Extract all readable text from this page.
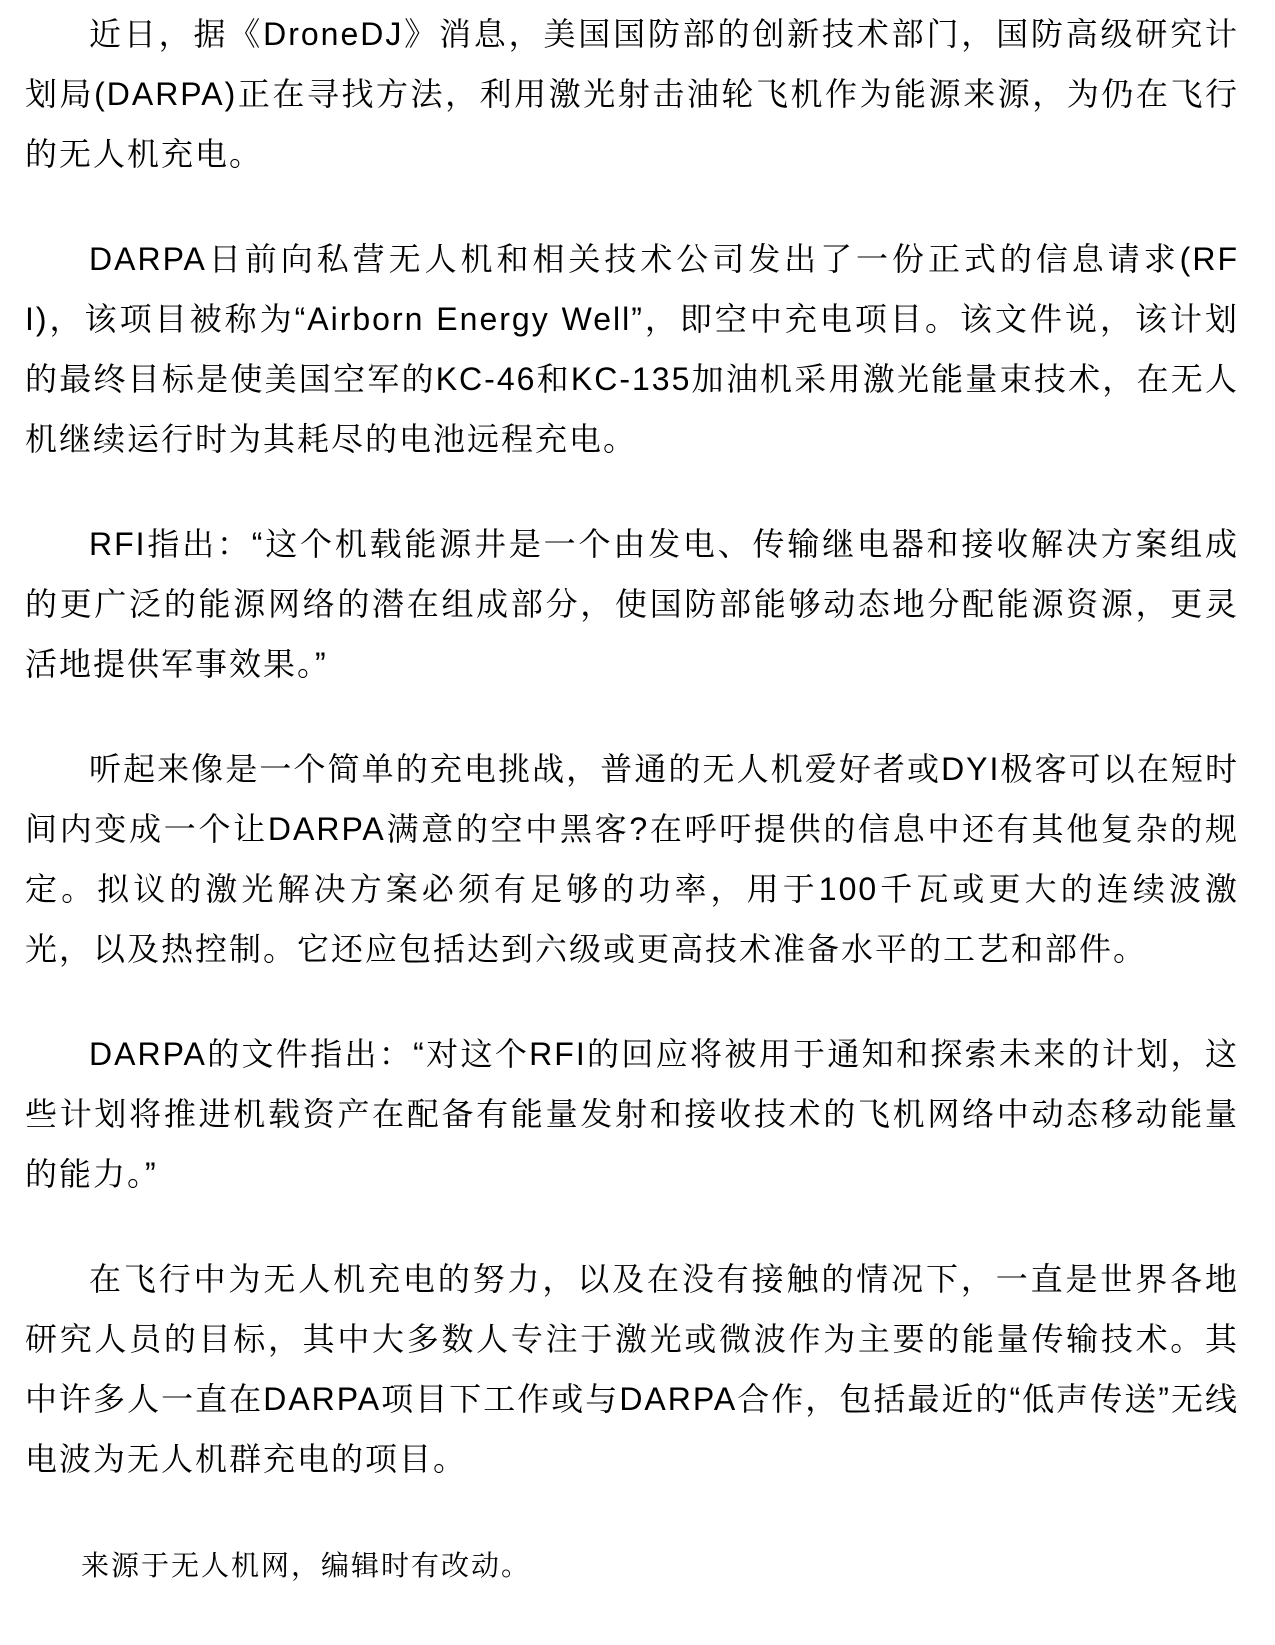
近日，据《DroneDJ》消息，美国国防部的创新技术部门，国防高级研究计划局(DARPA)正在寻找方法，利用激光射击油轮飞机作为能源来源，为仍在飞行的无人机充电。

DARPA日前向私营无人机和相关技术公司发出了一份正式的信息请求(RFI)，该项目被称为“Airborn Energy Well”，即空中充电项目。该文件说，该计划的最终目标是使美国空军的KC-46和KC-135加油机采用激光能量束技术，在无人机继续运行时为其耗尽的电池远程充电。

RFI指出：“这个机载能源井是一个由发电、传输继电器和接收解决方案组成的更广泛的能源网络的潜在组成部分，使国防部能够动态地分配能源资源，更灵活地提供军事效果。”

听起来像是一个简单的充电挑战，普通的无人机爱好者或DYI极客可以在短时间内变成一个让DARPA满意的空中黑客?在呼吁提供的信息中还有其他复杂的规定。拟议的激光解决方案必须有足够的功率，用于100千瓦或更大的连续波激光，以及热控制。它还应包括达到六级或更高技术准备水平的工艺和部件。

DARPA的文件指出：“对这个RFI的回应将被用于通知和探索未来的计划，这些计划将推进机载资产在配备有能量发射和接收技术的飞机网络中动态移动能量的能力。”

在飞行中为无人机充电的努力，以及在没有接触的情况下，一直是世界各地研究人员的目标，其中大多数人专注于激光或微波作为主要的能量传输技术。其中许多人一直在DARPA项目下工作或与DARPA合作，包括最近的“低声传送”无线电波为无人机群充电的项目。

来源于无人机网，编辑时有改动。
